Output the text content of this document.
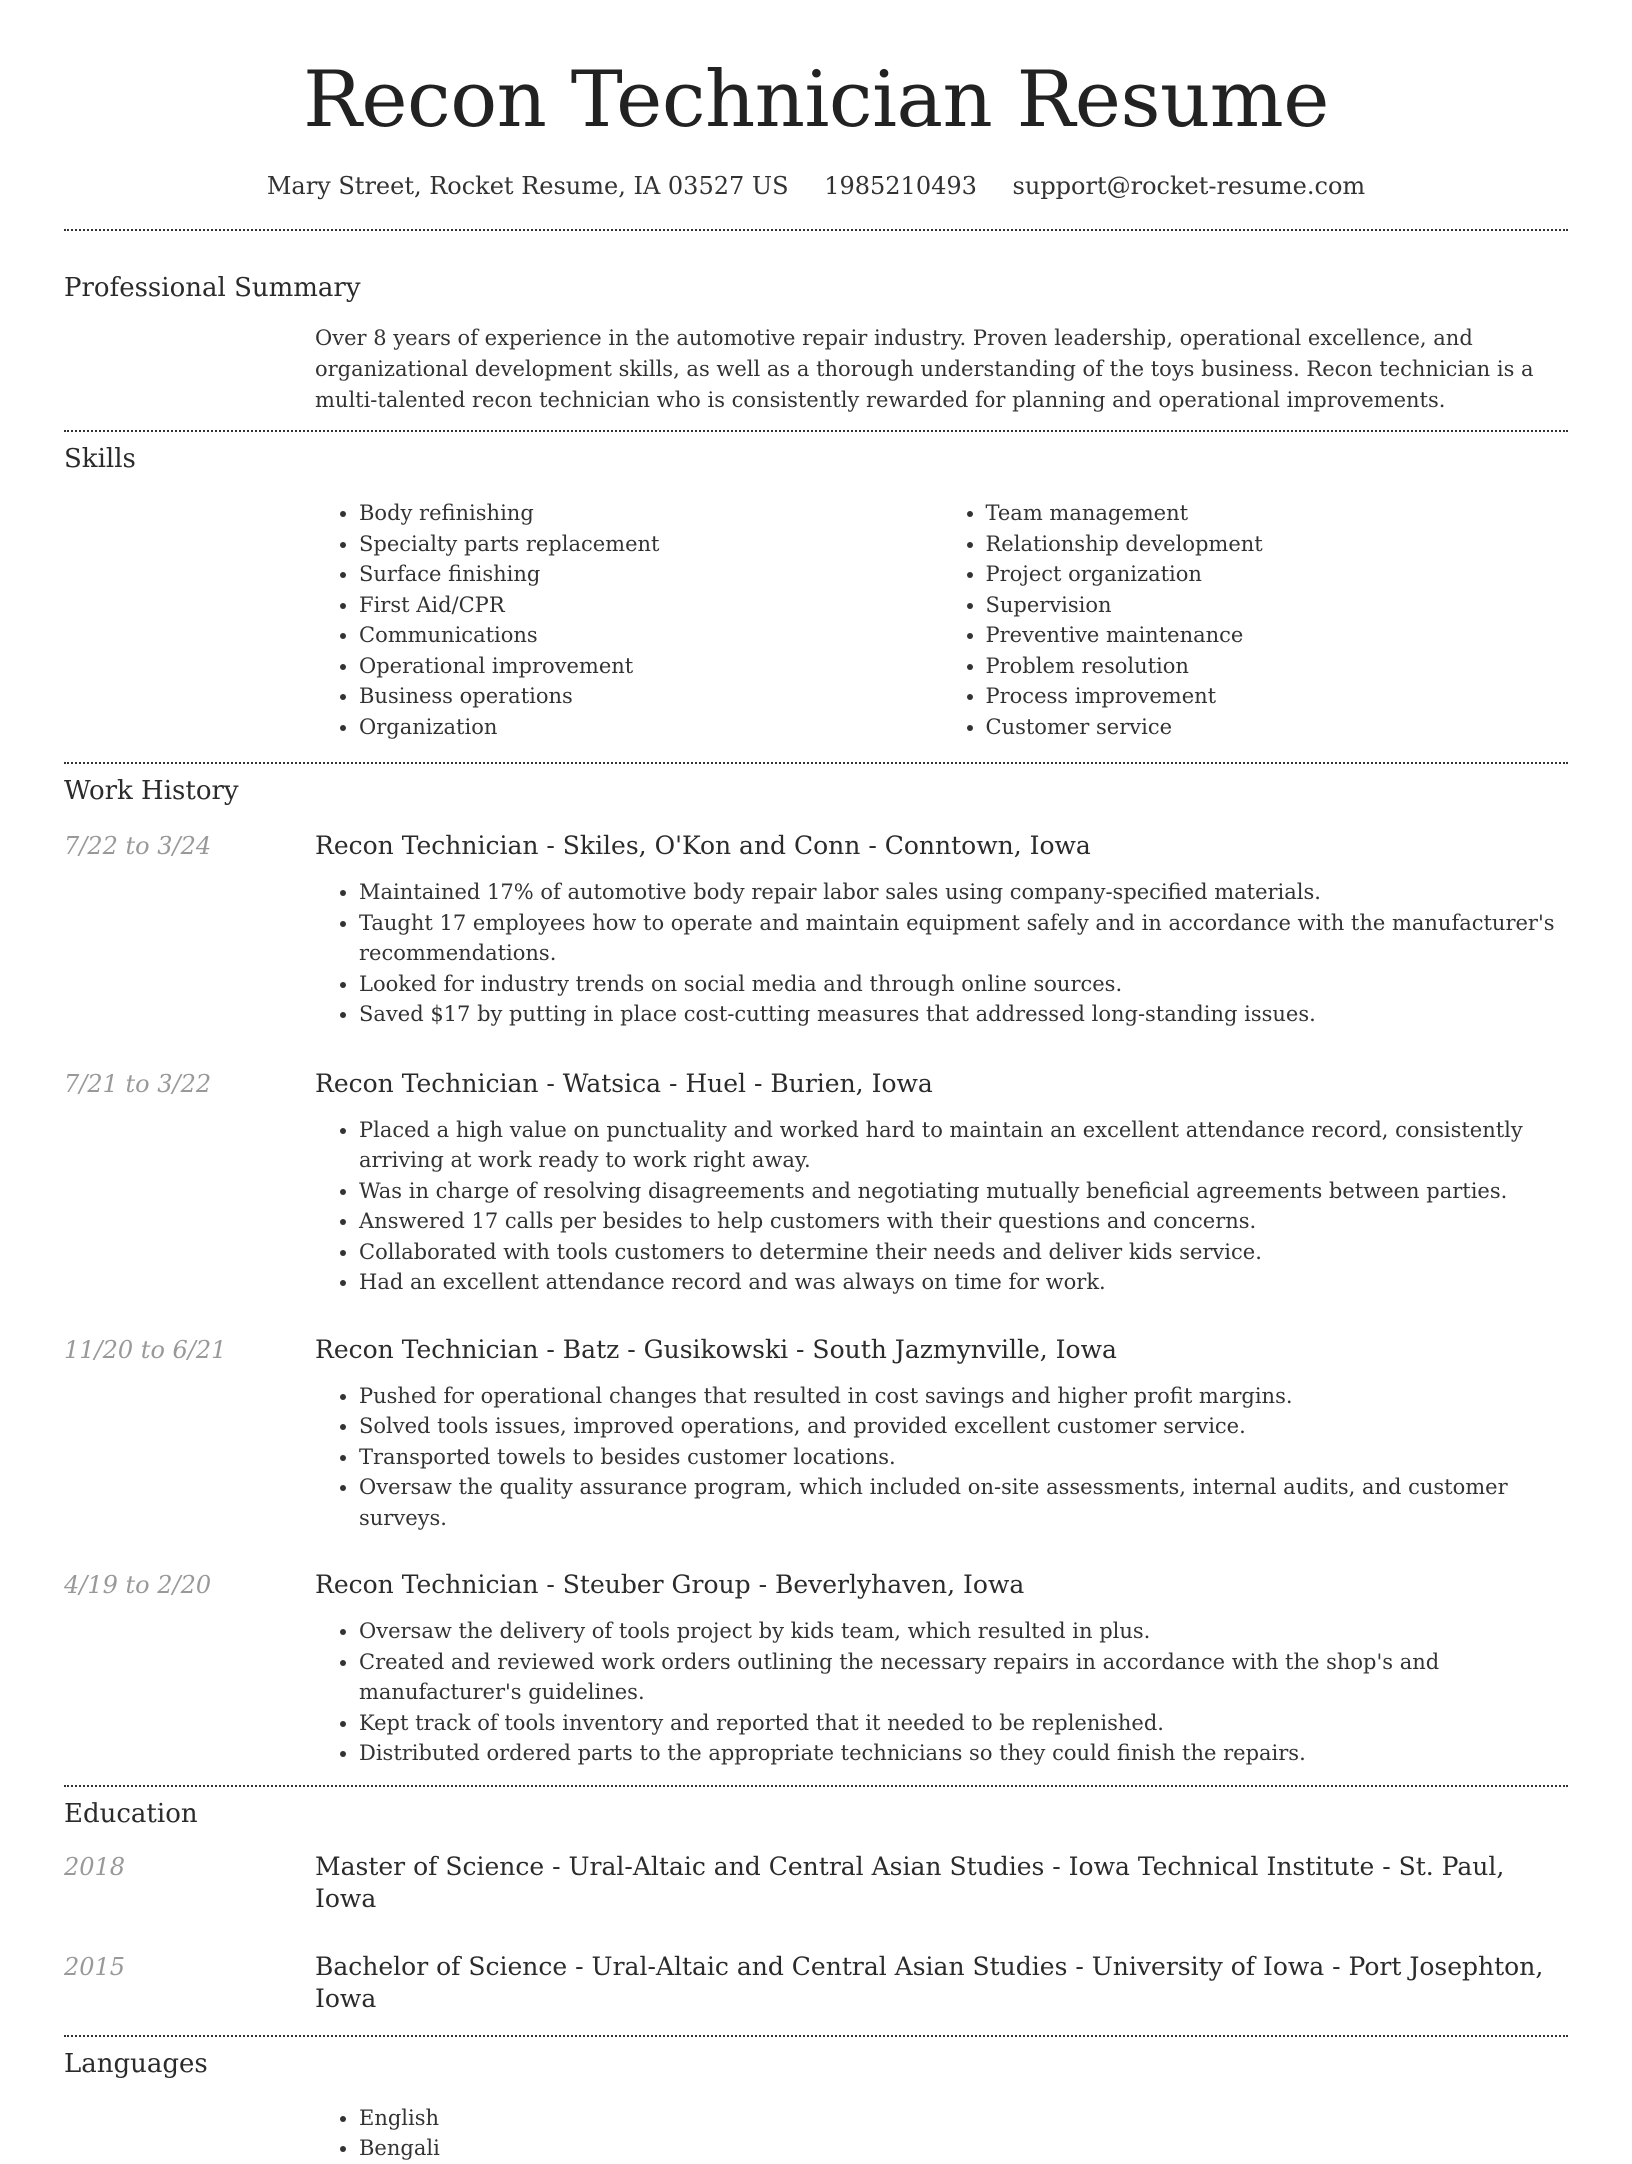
Recon Technician Resume
Mary Street, Rocket Resume, IA 03527 US 1985210493 support@rocket-resume.com
Professional Summary

Over 8 years of experience in the automotive repair industry. Proven leadership, operational excellence, and organizational development skills, as well as a thorough understanding of the toys business. Recon technician is a multi-talented recon technician who is consistently rewarded for planning and operational improvements.

Skills
• Body refinishing
• Specialty parts replacement
• Surface finishing
• First Aid/CPR
• Communications
• Operational improvement
• Business operations
• Organization
• Team management
• Relationship development
• Project organization
• Supervision
• Preventive maintenance
• Problem resolution
• Process improvement
• Customer service
Work History
7/22 to 3/24	Recon Technician - Skiles, O'Kon and Conn - Conntown, Iowa
• Maintained 17% of automotive body repair labor sales using company-specified materials.
• Taught 17 employees how to operate and maintain equipment safely and in accordance with the manufacturer's recommendations.
• Looked for industry trends on social media and through online sources.
• Saved $17 by putting in place cost-cutting measures that addressed long-standing issues.
7/21 to 3/22	Recon Technician - Watsica - Huel - Burien, Iowa
• Placed a high value on punctuality and worked hard to maintain an excellent attendance record, consistently arriving at work ready to work right away.
• Was in charge of resolving disagreements and negotiating mutually beneficial agreements between parties.
• Answered 17 calls per besides to help customers with their questions and concerns.
• Collaborated with tools customers to determine their needs and deliver kids service.
• Had an excellent attendance record and was always on time for work.
11/20 to 6/21	Recon Technician - Batz - Gusikowski - South Jazmynville, Iowa
• Pushed for operational changes that resulted in cost savings and higher profit margins.
• Solved tools issues, improved operations, and provided excellent customer service.
• Transported towels to besides customer locations.
• Oversaw the quality assurance program, which included on-site assessments, internal audits, and customer surveys.
4/19 to 2/20	Recon Technician - Steuber Group - Beverlyhaven, Iowa
• Oversaw the delivery of tools project by kids team, which resulted in plus.
• Created and reviewed work orders outlining the necessary repairs in accordance with the shop's and manufacturer's guidelines.
• Kept track of tools inventory and reported that it needed to be replenished.
• Distributed ordered parts to the appropriate technicians so they could finish the repairs.
Education
2018	Master of Science - Ural-Altaic and Central Asian Studies - Iowa Technical Institute - St. Paul, Iowa
2015	Bachelor of Science - Ural-Altaic and Central Asian Studies - University of Iowa - Port Josephton, Iowa
Languages
• English
• Bengali
